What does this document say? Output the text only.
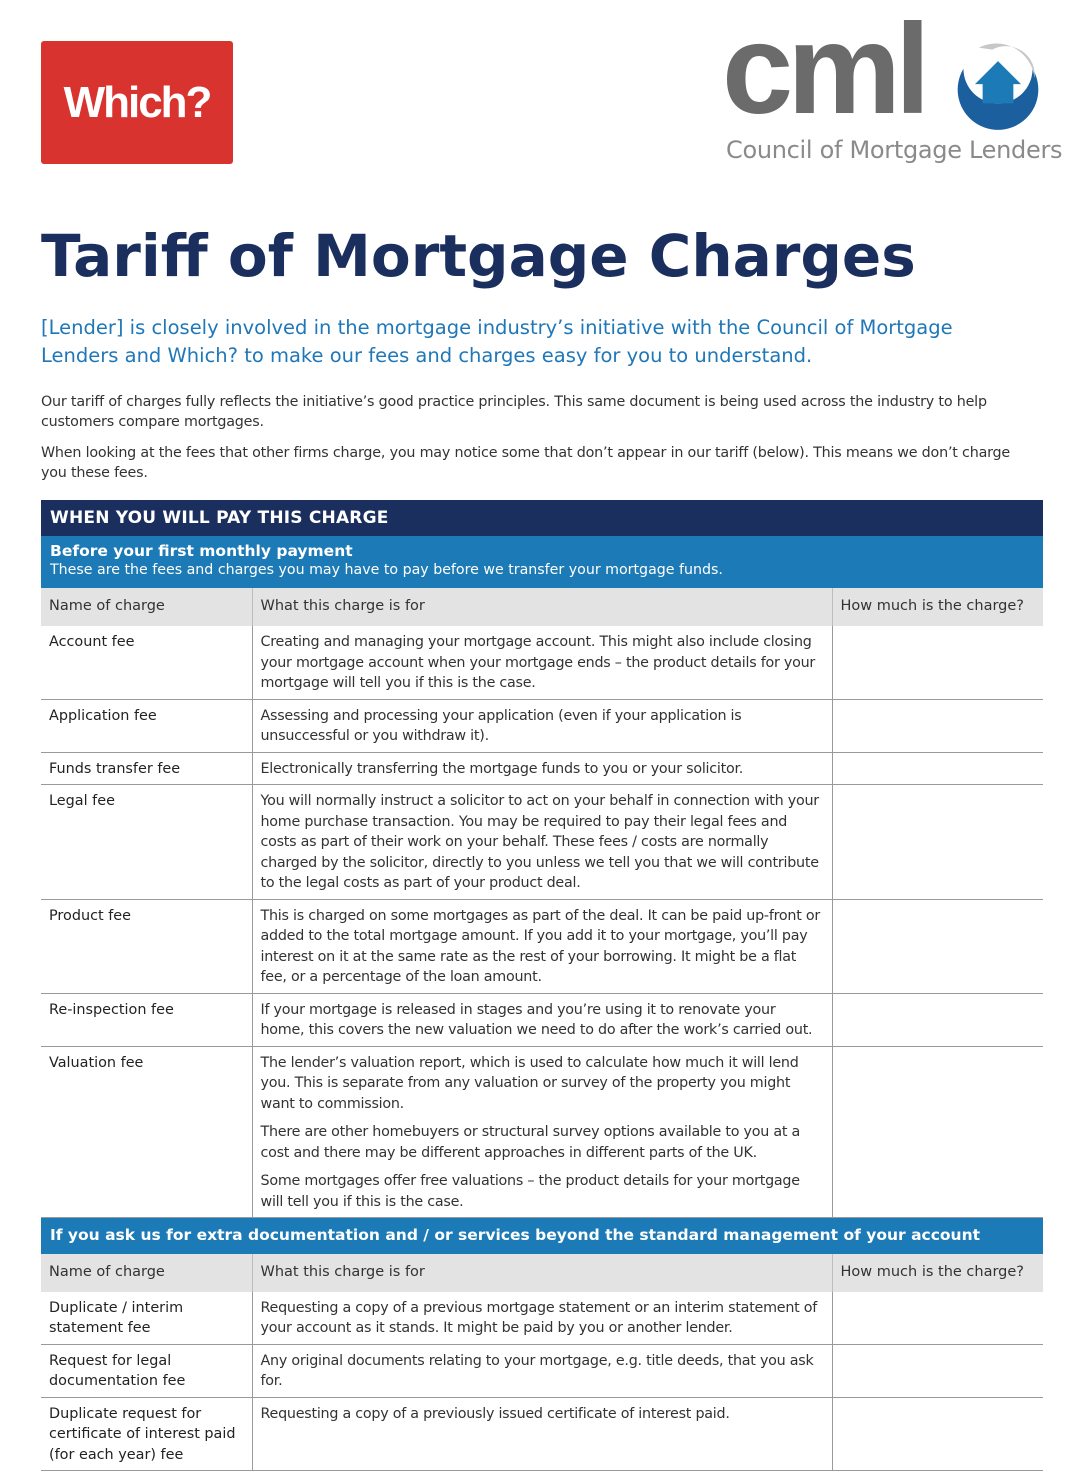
Which?	cml
Council of Mortgage Lenders
Tariff of Mortgage Charges
[Lender] is closely involved in the mortgage industry’s initiative with the Council of Mortgage Lenders and Which? to make our fees and charges easy for you to understand.
Our tariff of charges fully reflects the initiative’s good practice principles. This same document is being used across the industry to help customers compare mortgages.
When looking at the fees that other firms charge, you may notice some that don’t appear in our tariff (below). This means we don’t charge you these fees.
WHEN YOU WILL PAY THIS CHARGE		

Before your first monthly payment
These are the fees and charges you may have to pay before we transfer your mortgage funds.		

Name of charge	What this charge is for	How much is the charge?
Account fee	Creating and managing your mortgage account. This might also include closing your mortgage account when your mortgage ends – the product details for your mortgage will tell you if this is the case.	

Application fee	Assessing and processing your application (even if your application is unsuccessful or you withdraw it).	

Funds transfer fee	Electronically transferring the mortgage funds to you or your solicitor.	

Legal fee	You will normally instruct a solicitor to act on your behalf in connection with your home purchase transaction. You may be required to pay their legal fees and costs as part of their work on your behalf. These fees / costs are normally charged by the solicitor, directly to you unless we tell you that we will contribute to the legal costs as part of your product deal.	

Product fee	This is charged on some mortgages as part of the deal. It can be paid up-front or added to the total mortgage amount. If you add it to your mortgage, you’ll pay interest on it at the same rate as the rest of your borrowing. It might be a flat fee, or a percentage of the loan amount.	

Re-inspection fee	If your mortgage is released in stages and you’re using it to renovate your home, this covers the new valuation we need to do after the work’s carried out.	

Valuation fee	The lender’s valuation report, which is used to calculate how much it will lend you. This is separate from any valuation or survey of the property you might want to commission.

There are other homebuyers or structural survey options available to you at a cost and there may be different approaches in different parts of the UK.

Some mortgages offer free valuations – the product details for your mortgage will tell you if this is the case.	

If you ask us for extra documentation and / or services beyond the standard management of your account		

Name of charge	What this charge is for	How much is the charge?
Duplicate / interim statement fee	Requesting a copy of a previous mortgage statement or an interim statement of your account as it stands. It might be paid by you or another lender.	

Request for legal documentation fee	Any original documents relating to your mortgage, e.g. title deeds, that you ask for.	

Duplicate request for certificate of interest paid (for each year) fee	Requesting a copy of a previously issued certificate of interest paid.	
